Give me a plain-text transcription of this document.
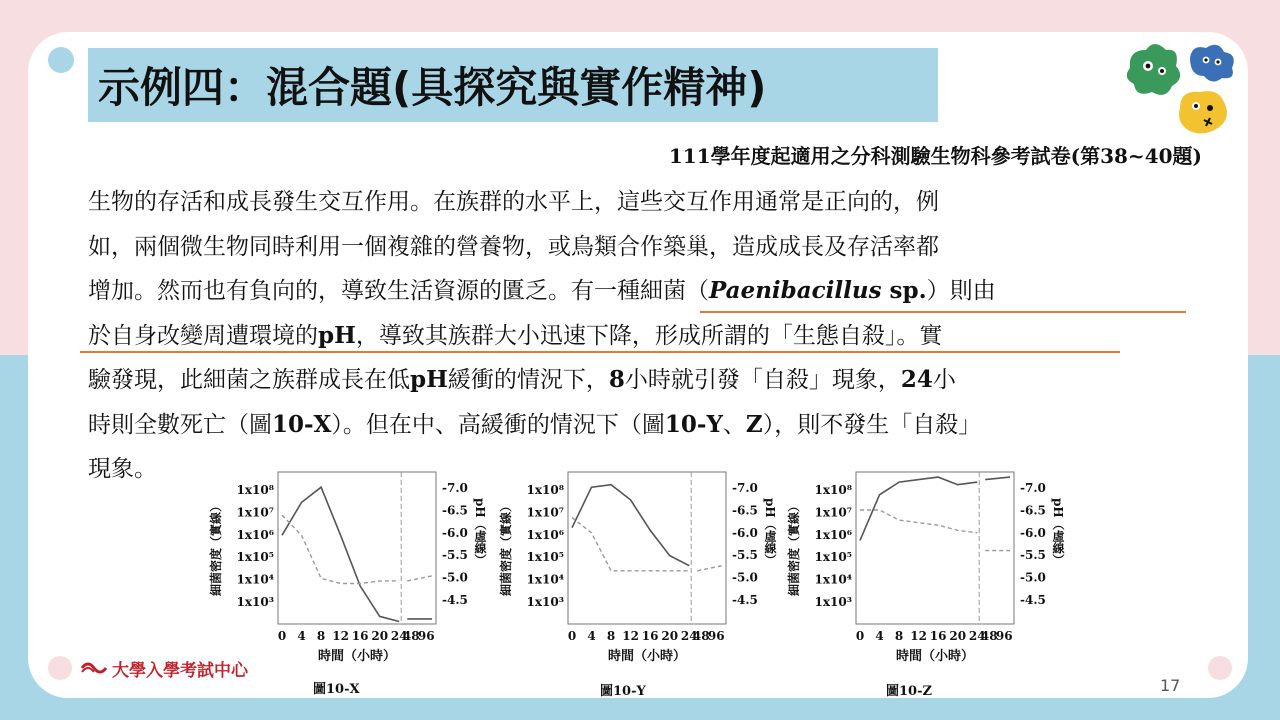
示例四：混合題(具探究與實作精神)
111學年度起適用之分科測驗生物科參考試卷(第38~40題)
生物的存活和成長發生交互作用。在族群的水平上，這些交互作用通常是正向的，例
如，兩個微生物同時利用一個複雜的營養物，或鳥類合作築巢，造成成長及存活率都
增加。然而也有負向的，導致生活資源的匱乏。有一種細菌（Paenibacillus sp.）則由
於自身改變周遭環境的pH，導致其族群大小迅速下降，形成所謂的「生態自殺」。實
驗發現，此細菌之族群成長在低pH緩衝的情況下，8小時就引發「自殺」現象，24小
時則全數死亡（圖10-X）。但在中、高緩衝的情況下（圖10-Y、Z），則不發生「自殺」
現象。
0 4 8 12 16 20 24
48
96
時間（小時）
1x10⁸
1x10⁷
1x10⁶
1x10⁵
1x10⁴
1x10³
-7.0
-6.5
-6.0
-5.5
-5.0
-4.5
細菌密度（實線）	pH（虛線）
0 4 8 12 16 20 24
48
96
時間（小時）
1x10⁸
1x10⁷
1x10⁶
1x10⁵
1x10⁴
1x10³
-7.0
-6.5
-6.0
-5.5
-5.0
-4.5
細菌密度（實線）	pH（虛線）
0 4 8 12 16 20 24
48
96
時間（小時）
1x10⁸
1x10⁷
1x10⁶
1x10⁵
1x10⁴
1x10³
-7.0
-6.5
-6.0
-5.5
-5.0
-4.5
細菌密度（實線）	pH（虛線）
圖10-X	圖10-Y	圖10-Z
大學入學考試中心
17
